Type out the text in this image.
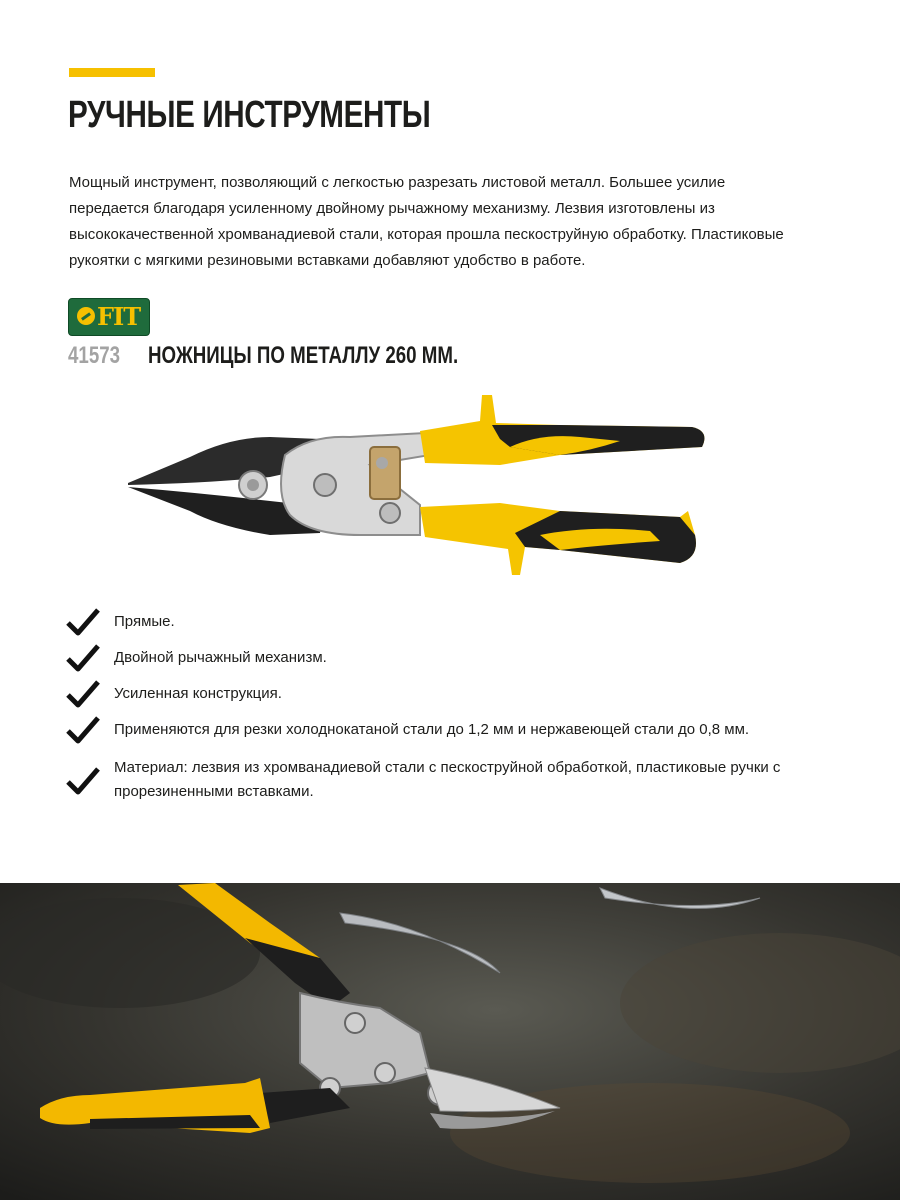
РУЧНЫЕ ИНСТРУМЕНТЫ

Мощный инструмент, позволяющий с легкостью разрезать листовой металл. Большее усилие передается благодаря усиленному двойному рычажному механизму. Лезвия изготовлены из высококачественной хромванадиевой стали, которая прошла пескоструйную обработку. Пластиковые рукоятки с мягкими резиновыми вставками добавляют удобство в работе.

FIT
41573 НОЖНИЦЫ ПО МЕТАЛЛУ 260 ММ.
Прямые.
Двойной рычажный механизм.
Усиленная конструкция.
Применяются для резки холоднокатаной стали до 1,2 мм и нержавеющей стали до 0,8 мм.
Материал: лезвия из хромванадиевой стали с пескоструйной обработкой, пластиковые ручки с прорезиненными вставками.
